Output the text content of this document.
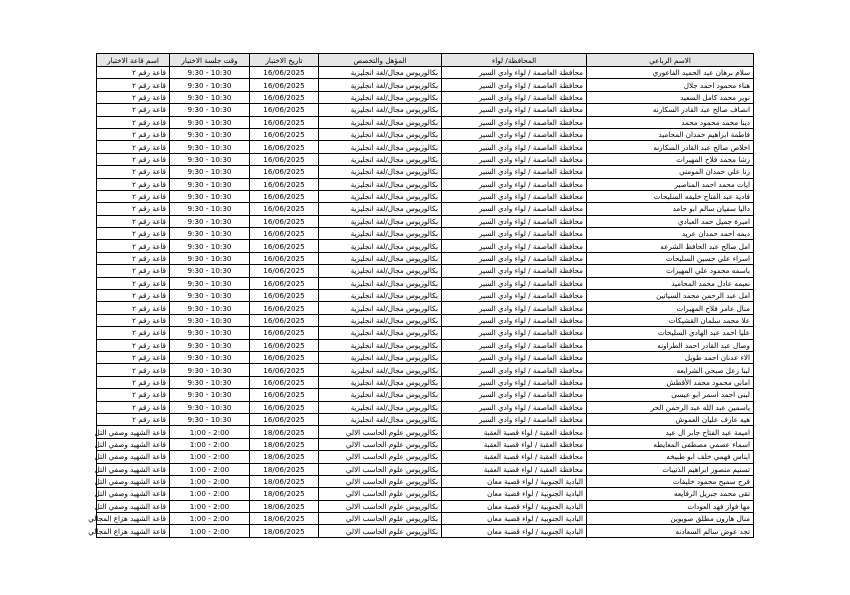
الاسم الرباعي	المحافظة/ لواء	المؤهل والتخصص	تاريخ الاختبار	وقت جلسة الاختبار	اسم قاعة الاختبار
سلام برهان عبد الحميد الفاعوري	محافظة العاصمة / لواء وادي السير	بكالوريوس مجال/لغة انجليزية	16/06/2025	9:30 - 10:30	قاعة رقم ٢
هناء محمود احمد جلال	محافظة العاصمة / لواء وادي السير	بكالوريوس مجال/لغة انجليزية	16/06/2025	9:30 - 10:30	قاعة رقم ٢
نوير محمد كامل السعيد	محافظة العاصمة / لواء وادي السير	بكالوريوس مجال/لغة انجليزية	16/06/2025	9:30 - 10:30	قاعة رقم ٢
انصاف صالح عبد القادر السكارنه	محافظة العاصمة / لواء وادي السير	بكالوريوس مجال/لغة انجليزية	16/06/2025	9:30 - 10:30	قاعة رقم ٢
دينا محمد محمود محمد	محافظة العاصمة / لواء وادي السير	بكالوريوس مجال/لغة انجليزية	16/06/2025	9:30 - 10:30	قاعة رقم ٢
فاطمة ابراهيم حمدان المحاميد	محافظة العاصمة / لواء وادي السير	بكالوريوس مجال/لغة انجليزية	16/06/2025	9:30 - 10:30	قاعة رقم ٢
اخلاص صالح عبد القادر السكارنه	محافظة العاصمة / لواء وادي السير	بكالوريوس مجال/لغة انجليزية	16/06/2025	9:30 - 10:30	قاعة رقم ٢
رشا محمد فلاح المهيرات	محافظة العاصمة / لواء وادي السير	بكالوريوس مجال/لغة انجليزية	16/06/2025	9:30 - 10:30	قاعة رقم ٢
رنا علي حمدان المومني	محافظة العاصمة / لواء وادي السير	بكالوريوس مجال/لغة انجليزية	16/06/2025	9:30 - 10:30	قاعة رقم ٢
ايات محمد احمد المناصير	محافظة العاصمة / لواء وادي السير	بكالوريوس مجال/لغة انجليزية	16/06/2025	9:30 - 10:30	قاعة رقم ٢
فادية عبد الفتاح خليفه السليحات	محافظة العاصمة / لواء وادي السير	بكالوريوس مجال/لغة انجليزية	16/06/2025	9:30 - 10:30	قاعة رقم ٢
داليا سفيان سالم ابو حامد	محافظة العاصمة / لواء وادي السير	بكالوريوس مجال/لغة انجليزية	16/06/2025	9:30 - 10:30	قاعة رقم ٢
اميرة جميل حمد العبادي	محافظة العاصمة / لواء وادي السير	بكالوريوس مجال/لغة انجليزية	16/06/2025	9:30 - 10:30	قاعة رقم ٢
ديمه احمد حمدان عريد	محافظة العاصمة / لواء وادي السير	بكالوريوس مجال/لغة انجليزية	16/06/2025	9:30 - 10:30	قاعة رقم ٢
امل صالح عبد الحافظ الشرعه	محافظة العاصمة / لواء وادي السير	بكالوريوس مجال/لغة انجليزية	16/06/2025	9:30 - 10:30	قاعة رقم ٢
اسراء علي حسين السليحات	محافظة العاصمة / لواء وادي السير	بكالوريوس مجال/لغة انجليزية	16/06/2025	9:30 - 10:30	قاعة رقم ٢
باسمه محمود علي المهيرات	محافظة العاصمة / لواء وادي السير	بكالوريوس مجال/لغة انجليزية	16/06/2025	9:30 - 10:30	قاعة رقم ٢
نعيمه عادل محمد المحاميد	محافظة العاصمة / لواء وادي السير	بكالوريوس مجال/لغة انجليزية	16/06/2025	9:30 - 10:30	قاعة رقم ٢
امل عبد الرحمن محمد السياتين	محافظة العاصمة / لواء وادي السير	بكالوريوس مجال/لغة انجليزية	16/06/2025	9:30 - 10:30	قاعة رقم ٢
منال عامر فلاح المهيرات	محافظة العاصمة / لواء وادي السير	بكالوريوس مجال/لغة انجليزية	16/06/2025	9:30 - 10:30	قاعة رقم ٢
علا محمد سلمان القشيكات	محافظة العاصمة / لواء وادي السير	بكالوريوس مجال/لغة انجليزية	16/06/2025	9:30 - 10:30	قاعة رقم ٢
عليا احمد عبد الهادي السليحات	محافظة العاصمة / لواء وادي السير	بكالوريوس مجال/لغة انجليزية	16/06/2025	9:30 - 10:30	قاعة رقم ٢
وصال عبد القادر احمد الطراونه	محافظة العاصمة / لواء وادي السير	بكالوريوس مجال/لغة انجليزية	16/06/2025	9:30 - 10:30	قاعة رقم ٢
الاء عدنان احمد طويل	محافظة العاصمة / لواء وادي السير	بكالوريوس مجال/لغة انجليزية	16/06/2025	9:30 - 10:30	قاعة رقم ٢
لبنا زعل صبحي الشرايعه	محافظة العاصمة / لواء وادي السير	بكالوريوس مجال/لغة انجليزية	16/06/2025	9:30 - 10:30	قاعة رقم ٢
اماني محمود محمد الأقطش	محافظة العاصمة / لواء وادي السير	بكالوريوس مجال/لغة انجليزية	16/06/2025	9:30 - 10:30	قاعة رقم ٢
لبنى احمد اسمر ابو عيسى	محافظة العاصمة / لواء وادي السير	بكالوريوس مجال/لغة انجليزية	16/06/2025	9:30 - 10:30	قاعة رقم ٢
ياسمين عبد الله عبد الرحمن الحر	محافظة العاصمة / لواء وادي السير	بكالوريوس مجال/لغة انجليزية	16/06/2025	9:30 - 10:30	قاعة رقم ٢
هيه عارف عليان العموش	محافظة العاصمة / لواء وادي السير	بكالوريوس مجال/لغة انجليزية	16/06/2025	9:30 - 10:30	قاعة رقم ٢
اميمة عبد الفتاح جابر ال عيد	محافظة العقبة / لواء قصبة العقبة	بكالوريوس علوم الحاسب الالي	18/06/2025	1:00 - 2:00	قاعة الشهيد وصفي التل
اسماء عصمي مصطفى المعايطه	محافظة العقبة / لواء قصبة العقبة	بكالوريوس علوم الحاسب الالي	18/06/2025	1:00 - 2:00	قاعة الشهيد وصفي التل
ايناس فهمي خلف ابو طبيخه	محافظة العقبة / لواء قصبة العقبة	بكالوريوس علوم الحاسب الالي	18/06/2025	1:00 - 2:00	قاعة الشهيد وصفي التل
تسنيم منصور ابراهيم الذنيبات	محافظة العقبة / لواء قصبة العقبة	بكالوريوس علوم الحاسب الالي	18/06/2025	1:00 - 2:00	قاعة الشهيد وصفي التل
فرح سميح محمود خليفات	البادية الجنوبية / لواء قصبة معان	بكالوريوس علوم الحاسب الالي	18/06/2025	1:00 - 2:00	قاعة الشهيد وصفي التل
تقى محمد جبريل الرفايعه	البادية الجنوبية / لواء قصبة معان	بكالوريوس علوم الحاسب الالي	18/06/2025	1:00 - 2:00	قاعة الشهيد وصفي التل
مها فواز فهد العودات	البادية الجنوبية / لواء قصبة معان	بكالوريوس علوم الحاسب الالي	18/06/2025	1:00 - 2:00	قاعة الشهيد وصفي التل
منال هارون مطلق صويوين	البادية الجنوبية / لواء قصبة معان	بكالوريوس علوم الحاسب الالي	18/06/2025	1:00 - 2:00	قاعة الشهيد هزاع المجالي
تجد عوض سالم السعادنه	البادية الجنوبية / لواء قصبة معان	بكالوريوس علوم الحاسب الالي	18/06/2025	1:00 - 2:00	قاعة الشهيد هزاع المجالي
